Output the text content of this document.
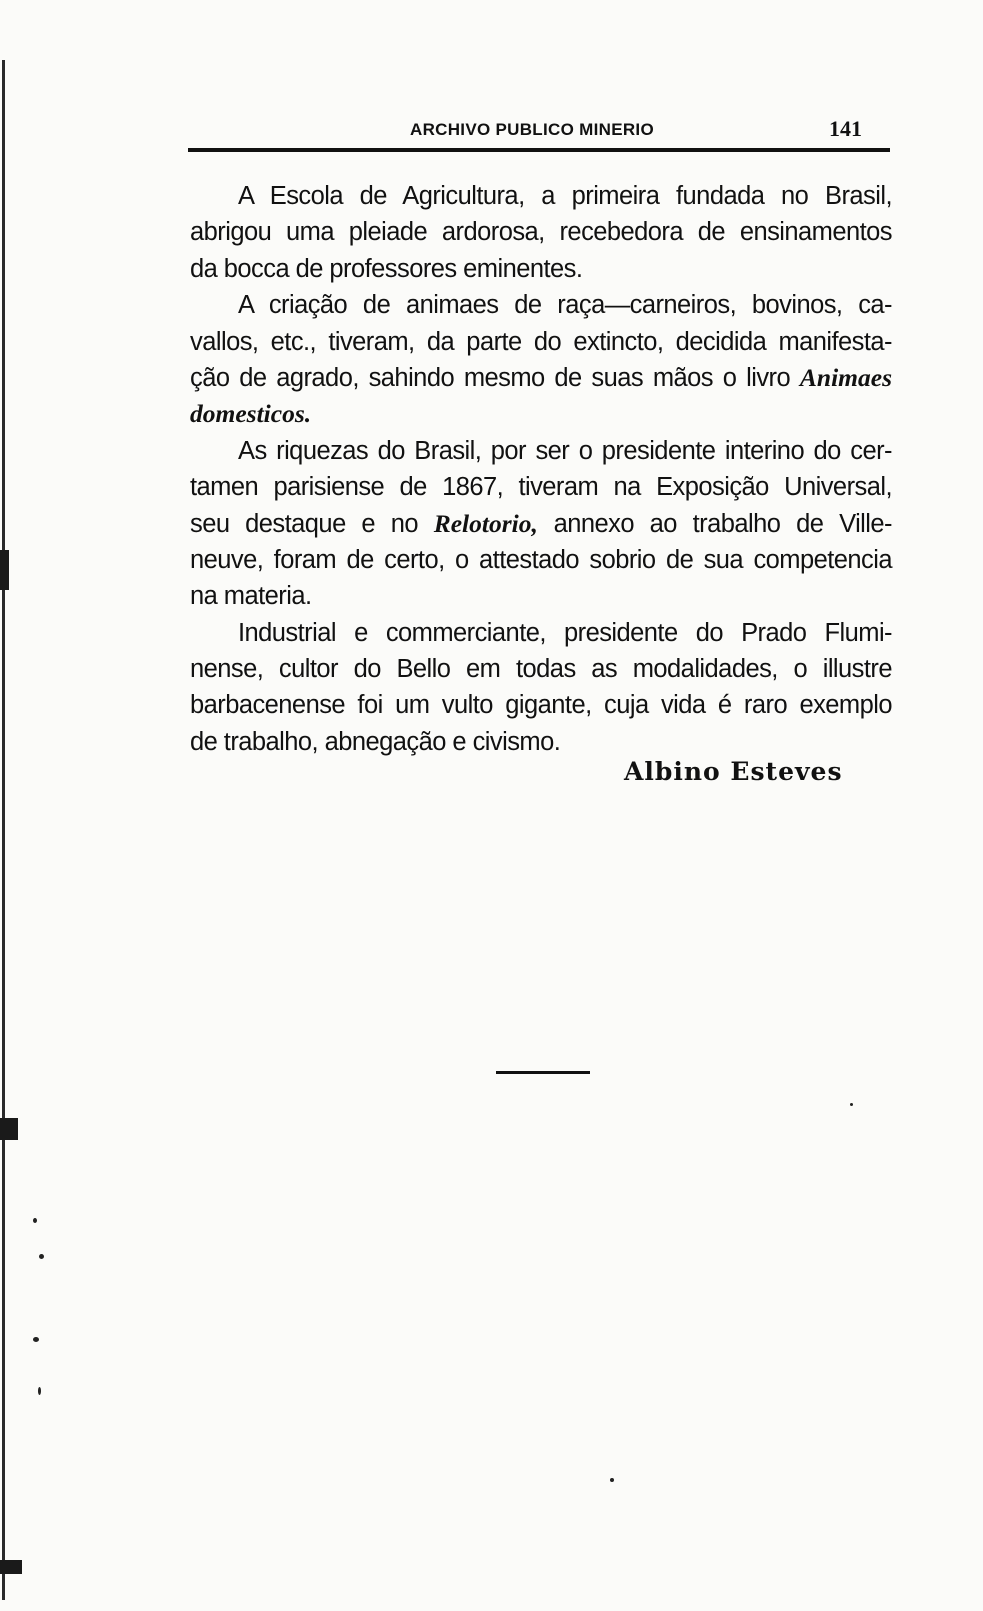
ARCHIVO PUBLICO MINERIO	141
A Escola de Agricultura, a primeira fundada no Brasil,
abrigou uma pleiade ardorosa, recebedora de ensinamentos
da bocca de professores eminentes.
A criação de animaes de raça—carneiros, bovinos, ca-
vallos, etc., tiveram, da parte do extincto, decidida manifesta-
ção de agrado, sahindo mesmo de suas mãos o livro Animaes
domesticos.
As riquezas do Brasil, por ser o presidente interino do cer-
tamen parisiense de 1867, tiveram na Exposição Universal,
seu destaque e no Relotorio, annexo ao trabalho de Ville-
neuve, foram de certo, o attestado sobrio de sua competencia
na materia.
Industrial e commerciante, presidente do Prado Flumi-
nense, cultor do Bello em todas as modalidades, o illustre
barbacenense foi um vulto gigante, cuja vida é raro exemplo
de trabalho, abnegação e civismo.
Albino Esteves
